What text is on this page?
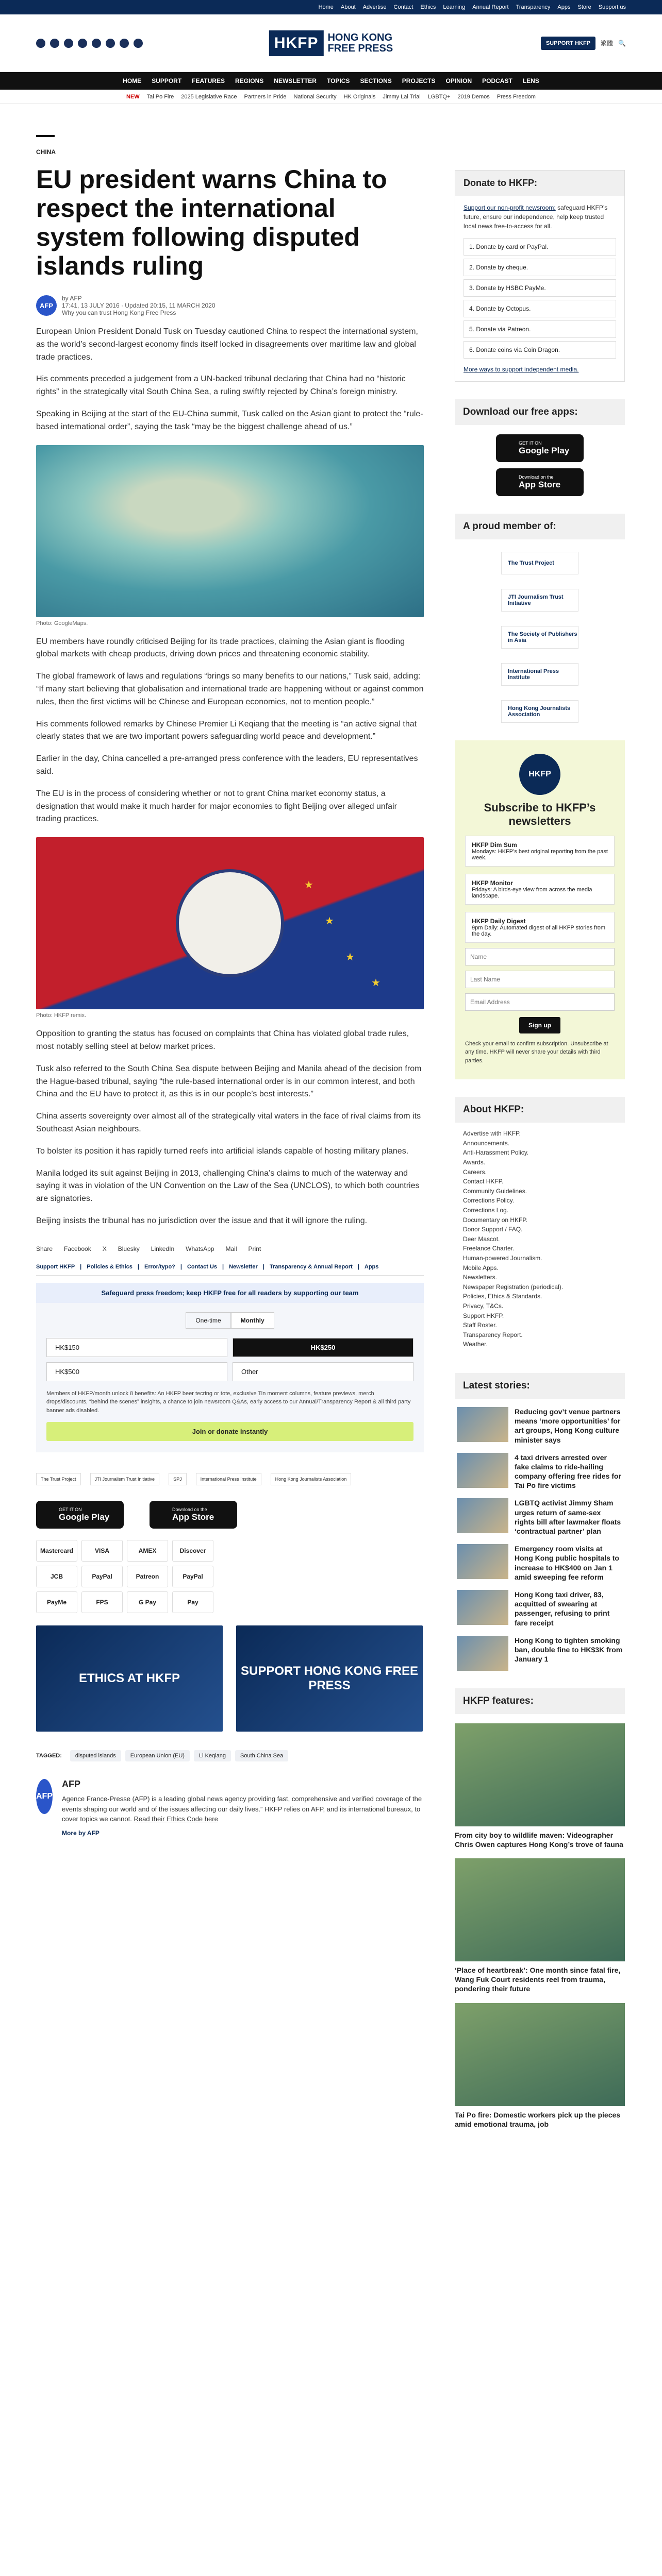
Home About Advertise Contact Ethics Learning Annual Report Transparency Apps Store Support us
HKFP HONG KONG
FREE PRESS	SUPPORT HKFP	繁體 🔍
HOME SUPPORT FEATURES REGIONS NEWSLETTER TOPICS SECTIONS PROJECTS OPINION PODCAST LENS
NEW Tai Po Fire 2025 Legislative Race Partners in Pride National Security HK Originals Jimmy Lai Trial LGBTQ+ 2019 Demos Press Freedom
CHINA
EU president warns China to respect the international system following disputed islands ruling
AFP
by AFP
17:41, 13 JULY 2016 · Updated 20:15, 11 MARCH 2020
Why you can trust Hong Kong Free Press

European Union President Donald Tusk on Tuesday cautioned China to respect the international system, as the world’s second-largest economy finds itself locked in disagreements over maritime law and global trade practices.

His comments preceded a judgement from a UN-backed tribunal declaring that China had no “historic rights” in the strategically vital South China Sea, a ruling swiftly rejected by China’s foreign ministry.

Speaking in Beijing at the start of the EU-China summit, Tusk called on the Asian giant to protect the “rule-based international order”, saying the task “may be the biggest challenge ahead of us.”

Photo: GoogleMaps.

EU members have roundly criticised Beijing for its trade practices, claiming the Asian giant is flooding global markets with cheap products, driving down prices and threatening economic stability.

The global framework of laws and regulations “brings so many benefits to our nations,” Tusk said, adding: “If many start believing that globalisation and international trade are happening without or against common rules, then the first victims will be Chinese and European economies, not to mention people.”

His comments followed remarks by Chinese Premier Li Keqiang that the meeting is “an active signal that clearly states that we are two important powers safeguarding world peace and development.”

Earlier in the day, China cancelled a pre-arranged press conference with the leaders, EU representatives said.

The EU is in the process of considering whether or not to grant China market economy status, a designation that would make it much harder for major economies to fight Beijing over alleged unfair trading practices.

★
★
★
★
Photo: HKFP remix.

Opposition to granting the status has focused on complaints that China has violated global trade rules, most notably selling steel at below market prices.

Tusk also referred to the South China Sea dispute between Beijing and Manila ahead of the decision from the Hague-based tribunal, saying “the rule-based international order is in our common interest, and both China and the EU have to protect it, as this is in our people’s best interests.”

China asserts sovereignty over almost all of the strategically vital waters in the face of rival claims from its Southeast Asian neighbours.

To bolster its position it has rapidly turned reefs into artificial islands capable of hosting military planes.

Manila lodged its suit against Beijing in 2013, challenging China’s claims to much of the waterway and saying it was in violation of the UN Convention on the Law of the Sea (UNCLOS), to which both countries are signatories.

Beijing insists the tribunal has no jurisdiction over the issue and that it will ignore the ruling.

Share Facebook X Bluesky LinkedIn WhatsApp Mail Print
Support HKFP | Policies & Ethics | Error/typo? | Contact Us | Newsletter | Transparency & Annual Report | Apps
Safeguard press freedom; keep HKFP free for all readers by supporting our team
One-time	Monthly
HK$150	HK$250
HK$500	Other
Members of HKFP/month unlock 8 benefits: An HKFP beer tecring or tote, exclusive Tin moment columns, feature previews, merch drops/discounts, “behind the scenes” insights, a chance to join newsroom Q&As, early access to our Annual/Transparency Report & all third party banner ads disabled.
Join or donate instantly
The Trust Project	JTI Journalism Trust Initiative	SPJ	International Press Institute	Hong Kong Journalists Association
GET IT ON
Google Play
Download on the
App Store
Mastercard	VISA	AMEX	Discover
JCB	PayPal	Patreon	PayPal
PayMe	FPS	G Pay	Pay
ETHICS AT HKFP
SUPPORT HONG KONG FREE PRESS
TAGGED:	disputed islands	European Union (EU)	Li Keqiang	South China Sea
AFP
AFP

Agence France-Presse (AFP) is a leading global news agency providing fast, comprehensive and verified coverage of the events shaping our world and of the issues affecting our daily lives.” HKFP relies on AFP, and its international bureaux, to cover topics we cannot. Read their Ethics Code here

More by AFP
Donate to HKFP:
Support our non-profit newsroom: safeguard HKFP’s future, ensure our independence, help keep trusted local news free-to-access for all.
1. Donate by card or PayPal.
2. Donate by cheque.
3. Donate by HSBC PayMe.
4. Donate by Octopus.
5. Donate via Patreon.
6. Donate coins via Coin Dragon.
More ways to support independent media.
Download our free apps:
GET IT ON
Google Play
Download on the
App Store
A proud member of:
The Trust Project
JTI Journalism Trust Initiative
The Society of Publishers in Asia
International Press Institute
Hong Kong Journalists Association
HKFP
Subscribe to HKFP’s newsletters
HKFP Dim Sum
Mondays: HKFP’s best original reporting from the past week.
HKFP Monitor
Fridays: A birds-eye view from across the media landscape.
HKFP Daily Digest
9pm Daily: Automated digest of all HKFP stories from the day.
Name
Last Name
Email Address
Sign up
Check your email to confirm subscription. Unsubscribe at any time. HKFP will never share your details with third parties.
About HKFP:
Advertise with HKFP.
Announcements.
Anti-Harassment Policy.
Awards.
Careers.
Contact HKFP.
Community Guidelines.
Corrections Policy.
Corrections Log.
Documentary on HKFP.
Donor Support / FAQ.
Deer Mascot.
Freelance Charter.
Human-powered Journalism.
Mobile Apps.
Newsletters.
Newspaper Registration (periodical).
Policies, Ethics & Standards.
Privacy, T&Cs.
Support HKFP.
Staff Roster.
Transparency Report.
Weather.
Latest stories:
Reducing gov’t venue partners means ‘more opportunities’ for art groups, Hong Kong culture minister says
4 taxi drivers arrested over fake claims to ride-hailing company offering free rides for Tai Po fire victims
LGBTQ activist Jimmy Sham urges return of same-sex rights bill after lawmaker floats ‘contractual partner’ plan
Emergency room visits at Hong Kong public hospitals to increase to HK$400 on Jan 1 amid sweeping fee reform
Hong Kong taxi driver, 83, acquitted of swearing at passenger, refusing to print fare receipt
Hong Kong to tighten smoking ban, double fine to HK$3K from January 1
HKFP features:
From city boy to wildlife maven: Videographer Chris Owen captures Hong Kong’s trove of fauna
‘Place of heartbreak’: One month since fatal fire, Wang Fuk Court residents reel from trauma, pondering their future
Tai Po fire: Domestic workers pick up the pieces amid emotional trauma, job
